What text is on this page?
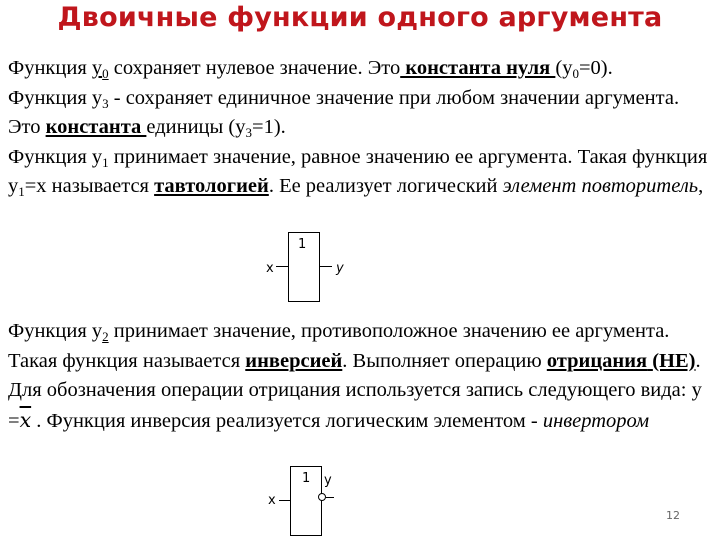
Двоичные функции одного аргумента
Функция $у_0$ сохраняет нулевое значение. Это константа нуля $(y_0=0)$.
Функция $у_3$ - сохраняет единичное значение при любом значении аргумента. Это константа единицы $(y_3=1)$.
Функция $у_1$ принимает значение, равное значению ее аргумента. Такая функция $y_1=x$ называется тавтологией. Ее реализует логический элемент повторитель,
1
x	y
Функция $у_2$ принимает значение, противоположное значению ее аргумента. Такая функция называется инверсией. Выполняет операцию отрицания (НЕ). Для обозначения операции отрицания используется запись следующего вида: $y =\overline{x}$ . Функция инверсия реализуется логическим элементом - инвертором
1
x
y
12
